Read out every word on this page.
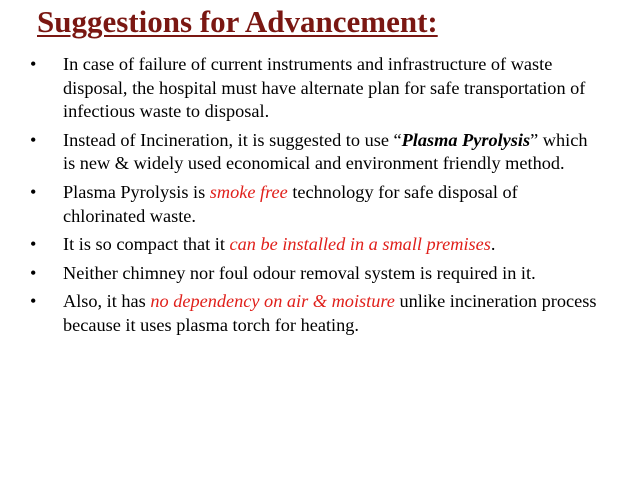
Suggestions for Advancement:
•	In case of failure of current instruments and infrastructure of waste disposal, the hospital must have alternate plan for safe transportation of infectious waste to disposal.
•	Instead of Incineration, it is suggested to use “Plasma Pyrolysis” which is new & widely used economical and environment friendly method.
•	Plasma Pyrolysis is smoke free technology for safe disposal of chlorinated waste.
•	It is so compact that it can be installed in a small premises.
•	Neither chimney nor foul odour removal system is required in it.
•	Also, it has no dependency on air & moisture unlike incineration process because it uses plasma torch for heating.
